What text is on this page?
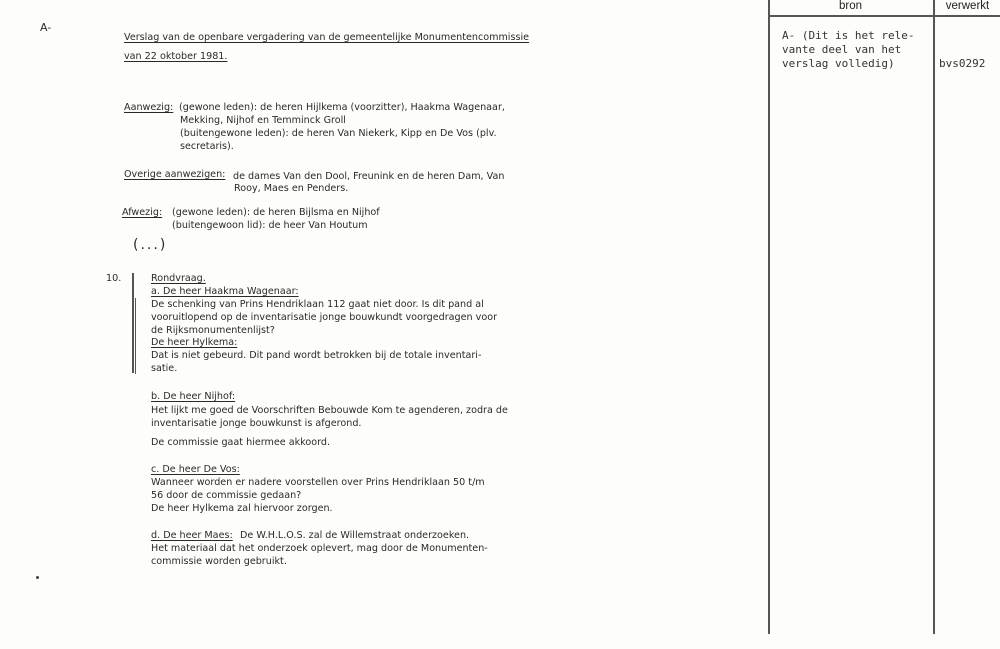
A-
Verslag van de openbare vergadering van de gemeentelijke Monumentencommissie
van 22 oktober 1981.
Aanwezig: (gewone leden): de heren Hijlkema (voorzitter), Haakma Wagenaar,
Mekking, Nijhof en Temminck Groll
(buitengewone leden): de heren Van Niekerk, Kipp en De Vos (plv.
secretaris).
Overige aanwezigen: de dames Van den Dool, Freunink en de heren Dam, Van
Rooy, Maes en Penders.
Afwezig: (gewone leden): de heren Bijlsma en Nijhof
(buitengewoon lid): de heer Van Houtum
(...)
10.	Rondvraag.
a. De heer Haakma Wagenaar:
De schenking van Prins Hendriklaan 112 gaat niet door. Is dit pand al
vooruitlopend op de inventarisatie jonge bouwkundt voorgedragen voor
de Rijksmonumentenlijst?
De heer Hylkema:
Dat is niet gebeurd. Dit pand wordt betrokken bij de totale inventari-
satie.
b. De heer Nijhof:
Het lijkt me goed de Voorschriften Bebouwde Kom te agenderen, zodra de
inventarisatie jonge bouwkunst is afgerond.
De commissie gaat hiermee akkoord.
c. De heer De Vos:
Wanneer worden er nadere voorstellen over Prins Hendriklaan 50 t/m
56 door de commissie gedaan?
De heer Hylkema zal hiervoor zorgen.
d. De heer Maes: De W.H.L.O.S. zal de Willemstraat onderzoeken.
Het materiaal dat het onderzoek oplevert, mag door de Monumenten-
commissie worden gebruikt.
bron	verwerkt
A- (Dit is het rele-
vante deel van het
verslag volledig)	bvs0292
